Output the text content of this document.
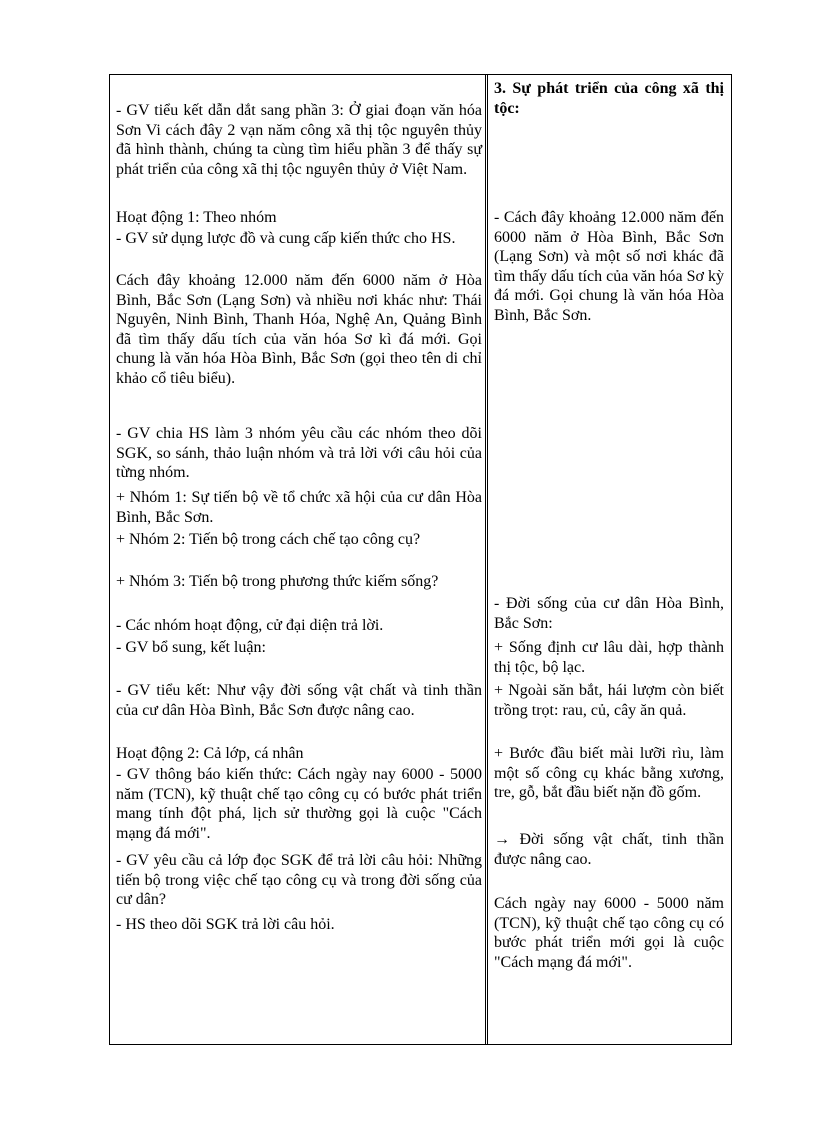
- GV tiểu kết dẫn dắt sang phần 3: Ở giai đoạn văn hóa Sơn Vi cách đây 2 vạn năm công xã thị tộc nguyên thủy đã hình thành, chúng ta cùng tìm hiểu phần 3 để thấy sự phát triển của công xã thị tộc nguyên thủy ở Việt Nam.

Hoạt động 1: Theo nhóm

- GV sử dụng lược đồ và cung cấp kiến thức cho HS.

Cách đây khoảng 12.000 năm đến 6000 năm ở Hòa Bình, Bắc Sơn (Lạng Sơn) và nhiều nơi khác như: Thái Nguyên, Ninh Bình, Thanh Hóa, Nghệ An, Quảng Bình đã tìm thấy dấu tích của văn hóa Sơ kì đá mới. Gọi chung là văn hóa Hòa Bình, Bắc Sơn (gọi theo tên di chỉ khảo cổ tiêu biểu).

- GV chia HS làm 3 nhóm yêu cầu các nhóm theo dõi SGK, so sánh, thảo luận nhóm và trả lời với câu hỏi của từng nhóm.

+ Nhóm 1: Sự tiến bộ về tổ chức xã hội của cư dân Hòa Bình, Bắc Sơn.

+ Nhóm 2: Tiến bộ trong cách chế tạo công cụ?

+ Nhóm 3: Tiến bộ trong phương thức kiếm sống?

- Các nhóm hoạt động, cử đại diện trả lời.

- GV bổ sung, kết luận:

- GV tiểu kết: Như vậy đời sống vật chất và tinh thần của cư dân Hòa Bình, Bắc Sơn được nâng cao.

Hoạt động 2: Cả lớp, cá nhân

- GV thông báo kiến thức: Cách ngày nay 6000 - 5000 năm (TCN), kỹ thuật chế tạo công cụ có bước phát triển mang tính đột phá, lịch sử thường gọi là cuộc "Cách mạng đá mới".

- GV yêu cầu cả lớp đọc SGK để trả lời câu hỏi: Những tiến bộ trong việc chế tạo công cụ và trong đời sống của cư dân?

- HS theo dõi SGK trả lời câu hỏi.

3. Sự phát triển của công xã thị tộc:

- Cách đây khoảng 12.000 năm đến 6000 năm ở Hòa Bình, Bắc Sơn (Lạng Sơn) và một số nơi khác đã tìm thấy dấu tích của văn hóa Sơ kỳ đá mới. Gọi chung là văn hóa Hòa Bình, Bắc Sơn.

- Đời sống của cư dân Hòa Bình, Bắc Sơn:

+ Sống định cư lâu dài, hợp thành thị tộc, bộ lạc.

+ Ngoài săn bắt, hái lượm còn biết trồng trọt: rau, củ, cây ăn quả.

+ Bước đầu biết mài lưỡi rìu, làm một số công cụ khác bằng xương, tre, gỗ, bắt đầu biết nặn đồ gốm.

→ Đời sống vật chất, tinh thần được nâng cao.

Cách ngày nay 6000 - 5000 năm (TCN), kỹ thuật chế tạo công cụ có bước phát triển mới gọi là cuộc "Cách mạng đá mới".
